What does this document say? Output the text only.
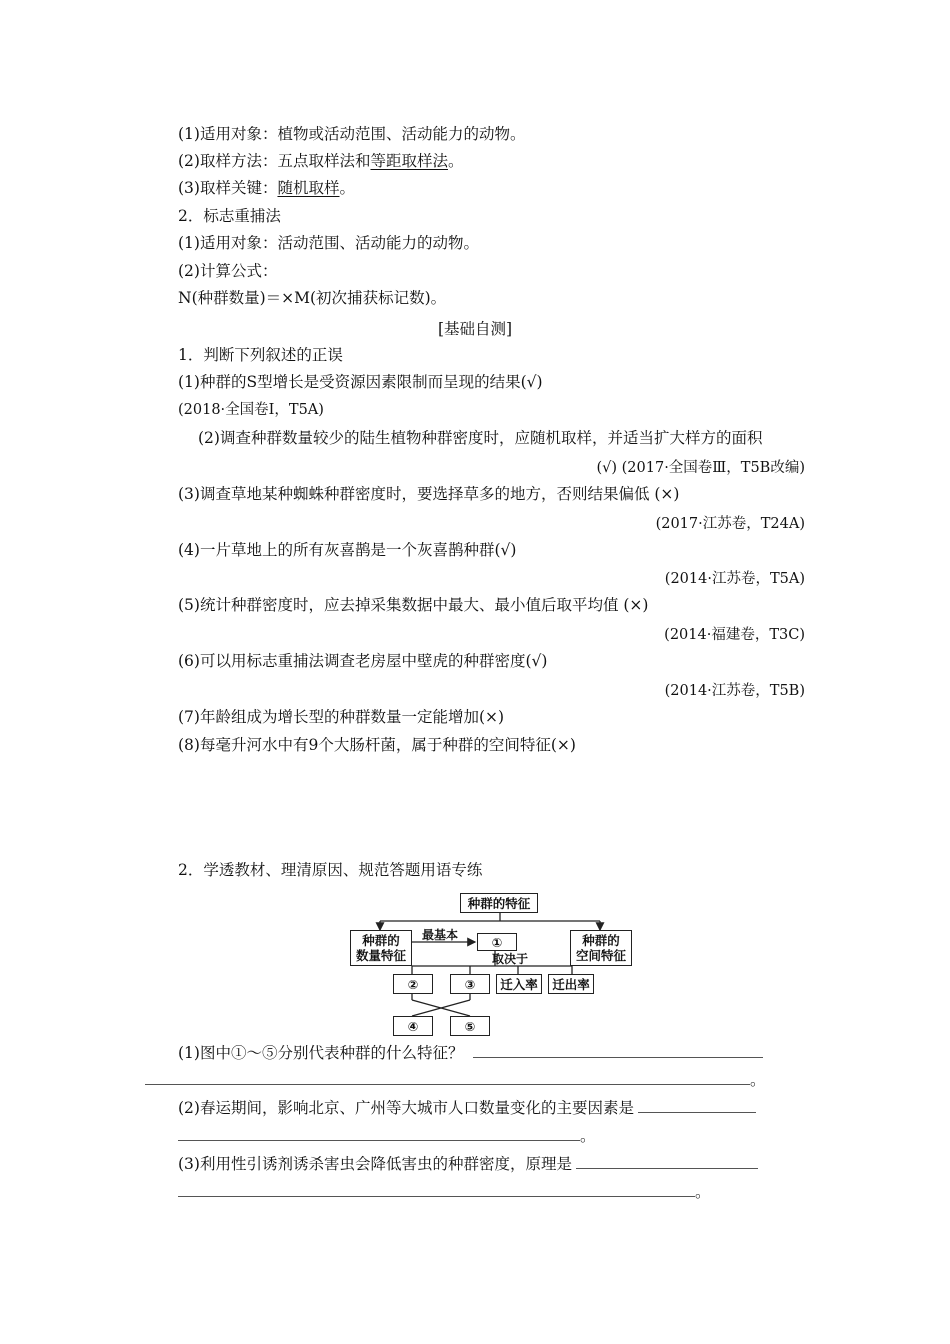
(1)适用对象：植物或活动范围、活动能力的动物。
(2)取样方法：五点取样法和等距取样法。
(3)取样关键：随机取样。
2．标志重捕法
(1)适用对象：活动范围、活动能力的动物。
(2)计算公式：
N(种群数量)＝×M(初次捕获标记数)。
[基础自测]
1．判断下列叙述的正误
(1)种群的S型增长是受资源因素限制而呈现的结果(√)
(2018·全国卷Ⅰ，T5A)
(2)调查种群数量较少的陆生植物种群密度时，应随机取样，并适当扩大样方的面积
(√) (2017·全国卷Ⅲ，T5B改编)
(3)调查草地某种蜘蛛种群密度时，要选择草多的地方，否则结果偏低 (×)
(2017·江苏卷，T24A)
(4)一片草地上的所有灰喜鹊是一个灰喜鹊种群(√)
(2014·江苏卷，T5A)
(5)统计种群密度时，应去掉采集数据中最大、最小值后取平均值 (×)
(2014·福建卷，T3C)
(6)可以用标志重捕法调查老房屋中壁虎的种群密度(√)
(2014·江苏卷，T5B)
(7)年龄组成为增长型的种群数量一定能增加(×)
(8)每毫升河水中有9个大肠杆菌，属于种群的空间特征(×)
2．学透教材、理清原因、规范答题用语专练
种群的特征
种群的
数量特征
种群的
空间特征
最基本	①
取决于
②	③	迁入率	迁出率
④	⑤
(1)图中①～⑤分别代表种群的什么特征？
。
(2)春运期间，影响北京、广州等大城市人口数量变化的主要因素是
。
(3)利用性引诱剂诱杀害虫会降低害虫的种群密度，原理是
。
